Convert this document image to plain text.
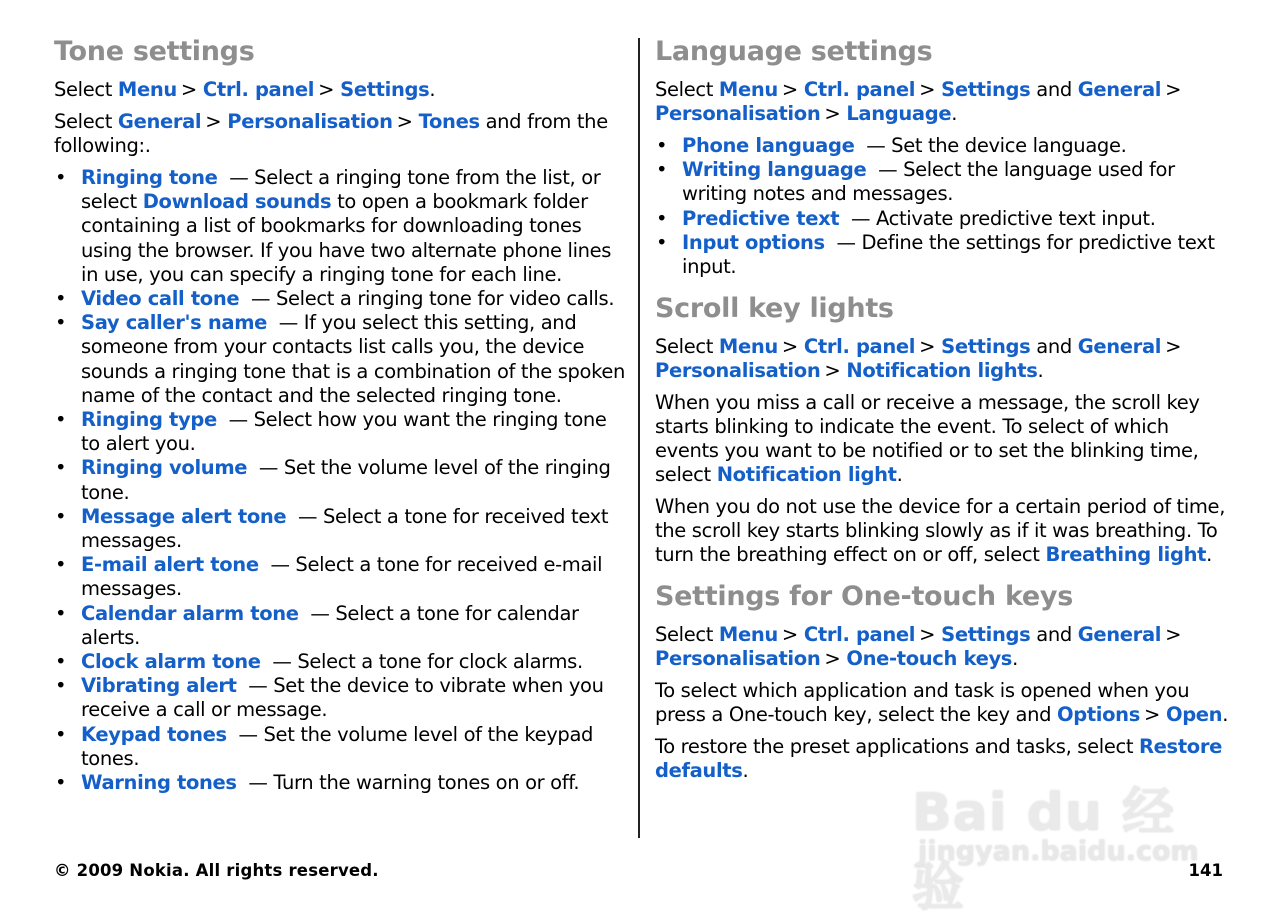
Tone settings

Select Menu > Ctrl. panel > Settings.

Select General > Personalisation > Tones and from the following:.

• Ringing tone — Select a ringing tone from the list, or select Download sounds to open a bookmark folder containing a list of bookmarks for downloading tones using the browser. If you have two alternate phone lines in use, you can specify a ringing tone for each line.
• Video call tone — Select a ringing tone for video calls.
• Say caller's name — If you select this setting, and someone from your contacts list calls you, the device sounds a ringing tone that is a combination of the spoken name of the contact and the selected ringing tone.
• Ringing type — Select how you want the ringing tone to alert you.
• Ringing volume — Set the volume level of the ringing tone.
• Message alert tone — Select a tone for received text messages.
• E-mail alert tone — Select a tone for received e-mail messages.
• Calendar alarm tone — Select a tone for calendar alerts.
• Clock alarm tone — Select a tone for clock alarms.
• Vibrating alert — Set the device to vibrate when you receive a call or message.
• Keypad tones — Set the volume level of the keypad tones.
• Warning tones — Turn the warning tones on or off.
Language settings

Select Menu > Ctrl. panel > Settings and General >Personalisation > Language.

• Phone language — Set the device language.
• Writing language — Select the language used for writing notes and messages.
• Predictive text — Activate predictive text input.
• Input options — Define the settings for predictive text input.
Scroll key lights

Select Menu > Ctrl. panel > Settings and General >Personalisation > Notification lights.

When you miss a call or receive a message, the scroll key starts blinking to indicate the event. To select of which events you want to be notified or to set the blinking time, select Notification light.

When you do not use the device for a certain period of time, the scroll key starts blinking slowly as if it was breathing. To turn the breathing effect on or off, select Breathing light.

Settings for One-touch keys

Select Menu > Ctrl. panel > Settings and General >Personalisation > One-touch keys.

To select which application and task is opened when you press a One-touch key, select the key and Options > Open.

To restore the preset applications and tasks, select Restore defaults.

Bai du 经验
jingyan.baidu.com
© 2009 Nokia. All rights reserved.	141
